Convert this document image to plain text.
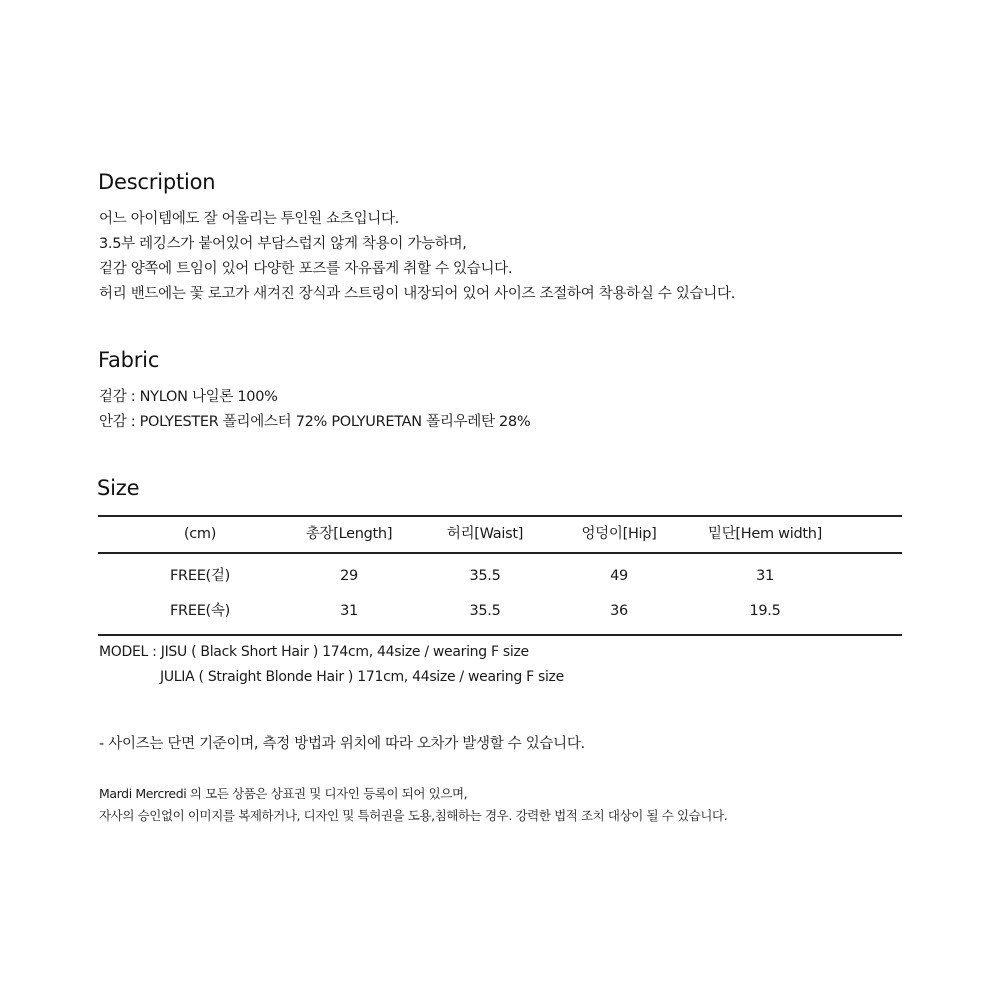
Description
어느 아이템에도 잘 어울리는 투인원 쇼츠입니다.
3.5부 레깅스가 붙어있어 부담스럽지 않게 착용이 가능하며,
겉감 양쪽에 트임이 있어 다양한 포즈를 자유롭게 취할 수 있습니다.
허리 밴드에는 꽃 로고가 새겨진 장식과 스트링이 내장되어 있어 사이즈 조절하여 착용하실 수 있습니다.
Fabric
겉감 : NYLON 나일론 100%
안감 : POLYESTER 폴리에스터 72% POLYURETAN 폴리우레탄 28%
Size
(cm)	총장[Length]	허리[Waist]	엉덩이[Hip]	밑단[Hem width]
FREE(겉)	29	35.5	49	31
FREE(속)	31	35.5	36	19.5
MODEL : JISU ( Black Short Hair ) 174cm, 44size / wearing F size
JULIA ( Straight Blonde Hair ) 171cm, 44size / wearing F size
- 사이즈는 단면 기준이며, 측정 방법과 위치에 따라 오차가 발생할 수 있습니다.
Mardi Mercredi 의 모든 상품은 상표권 및 디자인 등록이 되어 있으며,
자사의 승인없이 이미지를 복제하거나, 디자인 및 특허권을 도용,침해하는 경우. 강력한 법적 조치 대상이 될 수 있습니다.
